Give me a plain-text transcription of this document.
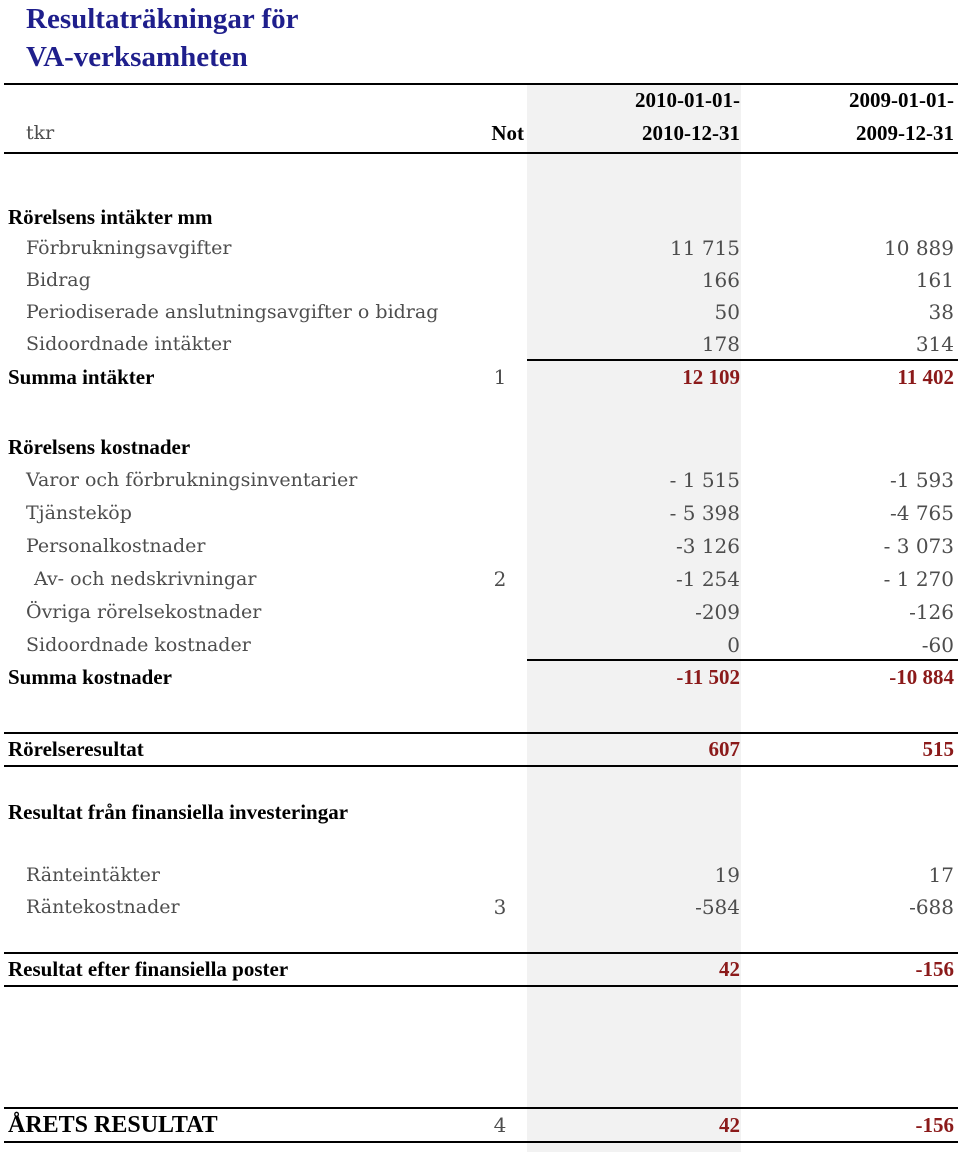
Resultaträkningar för
VA-verksamheten
2010-01-01-	2009-01-01-
tkr	Not	2010-12-31	2009-12-31
Rörelsens intäkter mm
Förbrukningsavgifter	11 715	10 889
Bidrag	166	161
Periodiserade anslutningsavgifter o bidrag	50	38
Sidoordnade intäkter	178	314
Summa intäkter	1	12 109	11 402
Rörelsens kostnader
Varor och förbrukningsinventarier	- 1 515	-1 593
Tjänsteköp	- 5 398	-4 765
Personalkostnader	-3 126	- 3 073
Av- och nedskrivningar	2	-1 254	- 1 270
Övriga rörelsekostnader	-209	-126
Sidoordnade kostnader	0	-60
Summa kostnader	-11 502	-10 884
Rörelseresultat	607	515
Resultat från finansiella investeringar
Ränteintäkter	19	17
Räntekostnader	3	-584	-688
Resultat efter finansiella poster	42	-156
ÅRETS RESULTAT	4	42	-156
